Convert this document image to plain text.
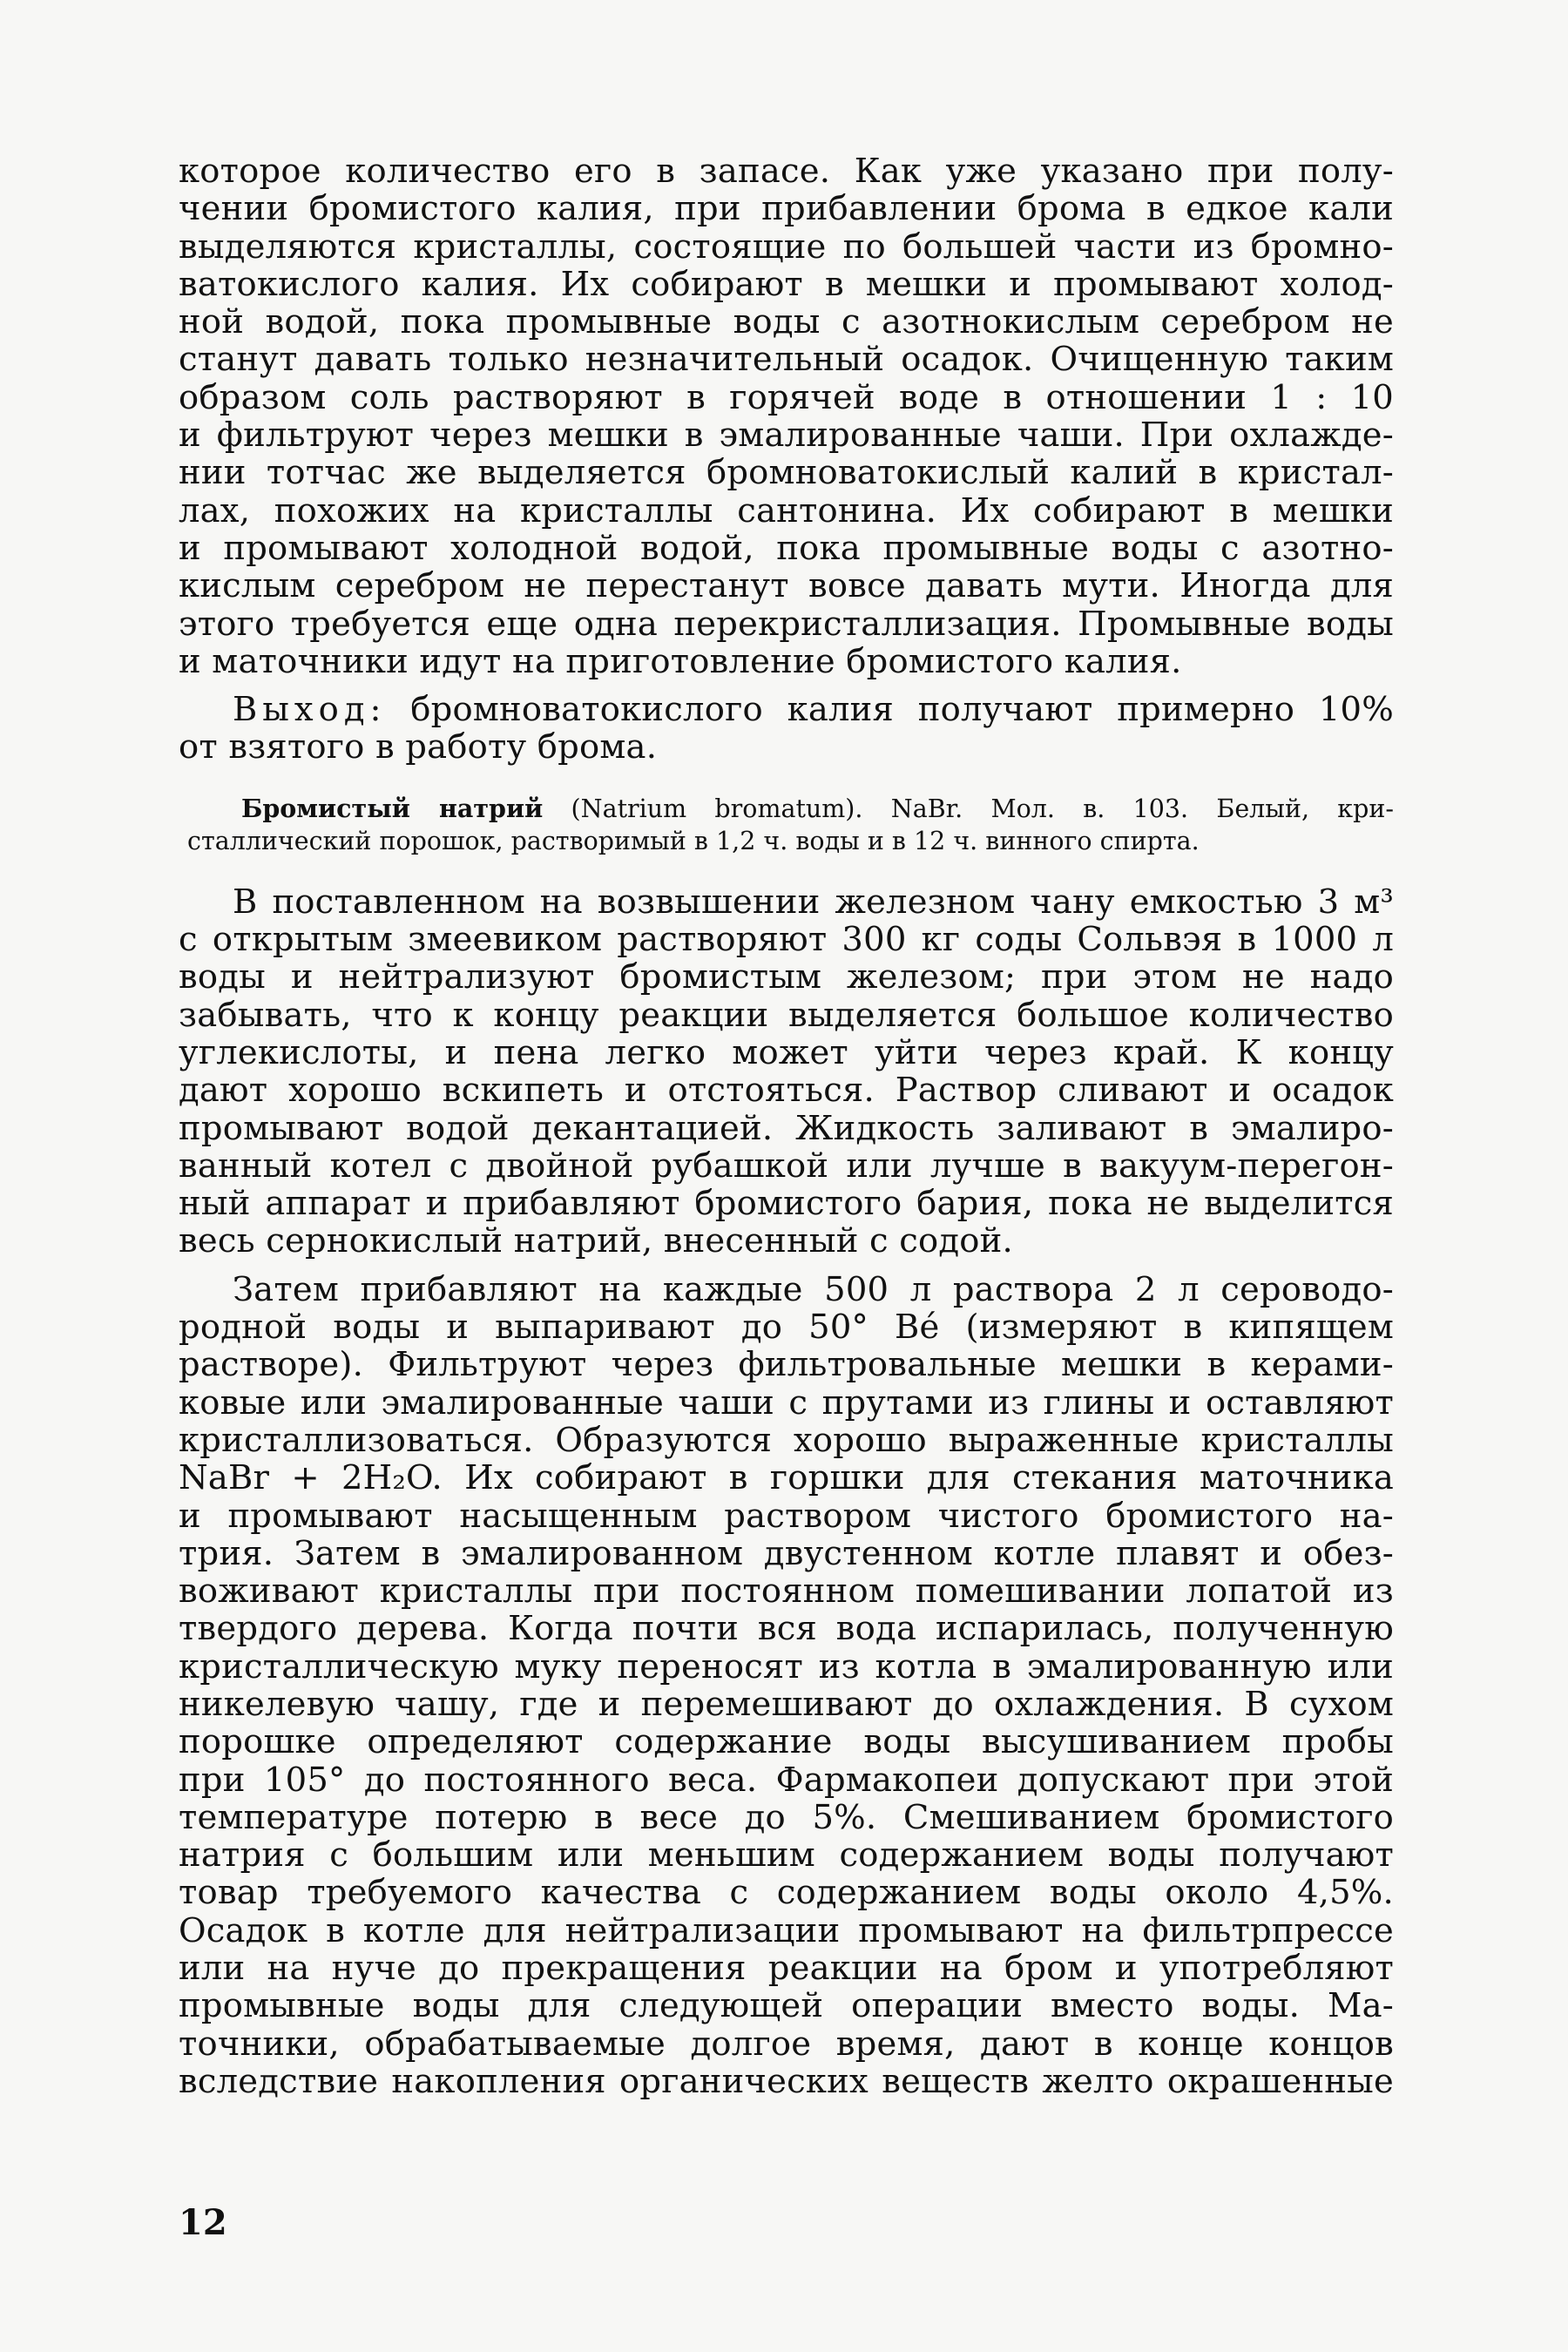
которое количество его в запасе. Как уже указано при полу-
чении бромистого калия, при прибавлении брома в едкое кали
выделяются кристаллы, состоящие по большей части из бромно-
ватокислого калия. Их собирают в мешки и промывают холод-
ной водой, пока промывные воды с азотнокислым серебром не
станут давать только незначительный осадок. Очищенную таким
образом соль растворяют в горячей воде в отношении 1 : 10
и фильтруют через мешки в эмалированные чаши. При охлажде-
нии тотчас же выделяется бромноватокислый калий в кристал-
лах, похожих на кристаллы сантонина. Их собирают в мешки
и промывают холодной водой, пока промывные воды с азотно-
кислым серебром не перестанут вовсе давать мути. Иногда для
этого требуется еще одна перекристаллизация. Промывные воды
и маточники идут на приготовление бромистого калия.
Выход: бромноватокислого калия получают примерно 10%
от взятого в работу брома.
Бромистый натрий (Natrium bromatum). NaBr. Мол. в. 103. Белый, кри-
сталлический порошок, растворимый в 1,2 ч. воды и в 12 ч. винного спирта.
В поставленном на возвышении железном чану емкостью 3 м³
с открытым змеевиком растворяют 300 кг соды Сольвэя в 1000 л
воды и нейтрализуют бромистым железом; при этом не надо
забывать, что к концу реакции выделяется большое количество
углекислоты, и пена легко может уйти через край. К концу
дают хорошо вскипеть и отстояться. Раствор сливают и осадок
промывают водой декантацией. Жидкость заливают в эмалиро-
ванный котел с двойной рубашкой или лучше в вакуум-перегон-
ный аппарат и прибавляют бромистого бария, пока не выделится
весь сернокислый натрий, внесенный с содой.
Затем прибавляют на каждые 500 л раствора 2 л сероводо-
родной воды и выпаривают до 50° Bé (измеряют в кипящем
растворе). Фильтруют через фильтровальные мешки в керами-
ковые или эмалированные чаши с прутами из глины и оставляют
кристаллизоваться. Образуются хорошо выраженные кристаллы
NaBr + 2H₂O. Их собирают в горшки для стекания маточника
и промывают насыщенным раствором чистого бромистого на-
трия. Затем в эмалированном двустенном котле плавят и обез-
воживают кристаллы при постоянном помешивании лопатой из
твердого дерева. Когда почти вся вода испарилась, полученную
кристаллическую муку переносят из котла в эмалированную или
никелевую чашу, где и перемешивают до охлаждения. В сухом
порошке определяют содержание воды высушиванием пробы
при 105° до постоянного веса. Фармакопеи допускают при этой
температуре потерю в весе до 5%. Смешиванием бромистого
натрия с большим или меньшим содержанием воды получают
товар требуемого качества с содержанием воды около 4,5%.
Осадок в котле для нейтрализации промывают на фильтрпрессе
или на нуче до прекращения реакции на бром и употребляют
промывные воды для следующей операции вместо воды. Ма-
точники, обрабатываемые долгое время, дают в конце концов
вследствие накопления органических веществ желто окрашенные
12
